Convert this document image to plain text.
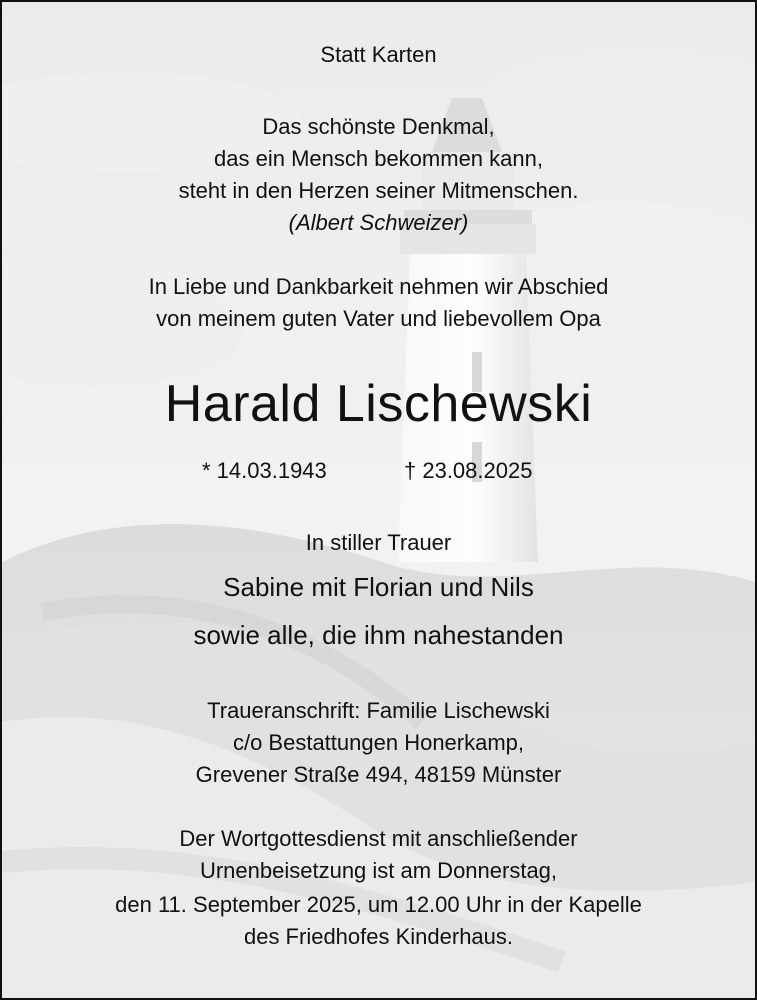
Statt Karten
Das schönste Denkmal,
das ein Mensch bekommen kann,
steht in den Herzen seiner Mitmenschen.
(Albert Schweizer)
In Liebe und Dankbarkeit nehmen wir Abschied
von meinem guten Vater und liebevollem Opa
Harald Lischewski
* 14.03.1943	† 23.08.2025
In stiller Trauer
Sabine mit Florian und Nils
sowie alle, die ihm nahestanden
Traueranschrift: Familie Lischewski
c/o Bestattungen Honerkamp,
Grevener Straße 494, 48159 Münster
Der Wortgottesdienst mit anschließender
Urnenbeisetzung ist am Donnerstag,
den 11. September 2025, um 12.00 Uhr in der Kapelle
des Friedhofes Kinderhaus.
